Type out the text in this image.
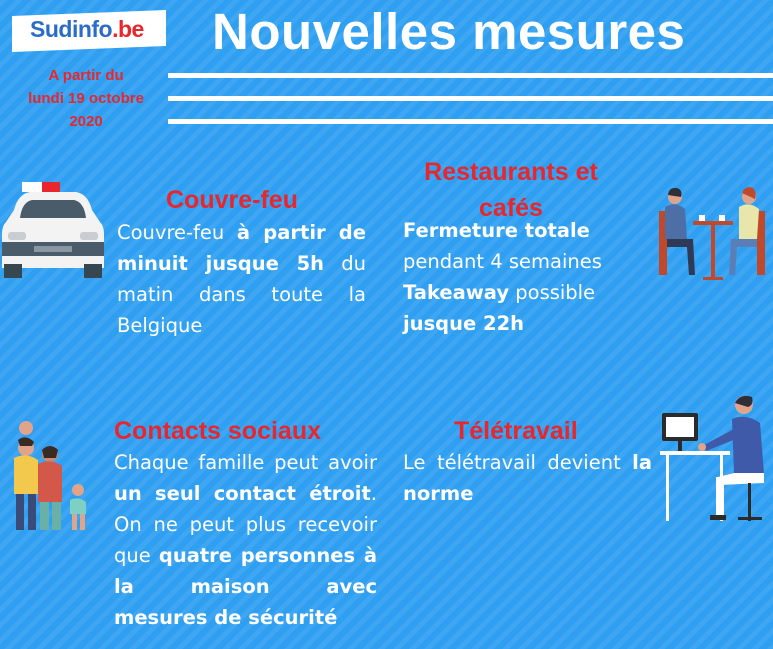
Sudinfo.be Nouvelles mesures
A partir du
lundi 19 octobre
2020
Couvre-feu
Couvre-feu à partir de minuit jusque 5h du matin dans toute la Belgique
Restaurants et
cafés
Fermeture totale
pendant 4 semaines
Takeaway possible
jusque 22h
Contacts sociaux
Chaque famille peut avoir un seul contact étroit. On ne peut plus recevoir que quatre personnes à la maison avec mesures de sécurité
Télétravail
Le télétravail devient la norme
